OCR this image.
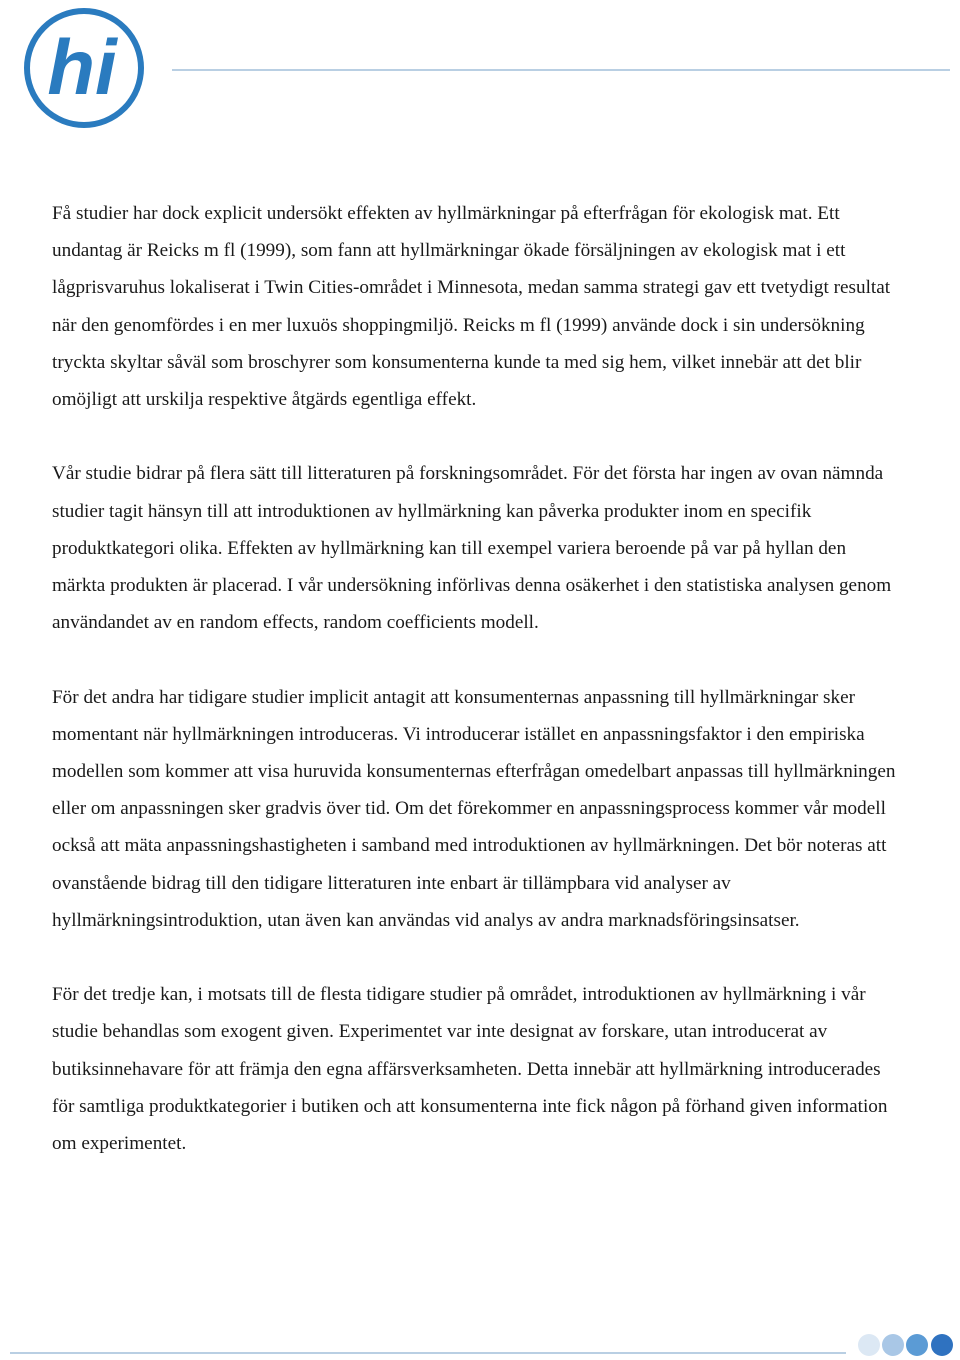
hi

Få studier har dock explicit undersökt effekten av hyllmärkningar på efterfrågan för ekologisk mat. Ett undantag är Reicks m fl (1999), som fann att hyllmärkningar ökade försäljningen av ekologisk mat i ett lågprisvaruhus lokaliserat i Twin Cities-området i Minnesota, medan samma strategi gav ett tvetydigt resultat när den genomfördes i en mer luxuös shoppingmiljö. Reicks m fl (1999) använde dock i sin undersökning tryckta skyltar såväl som broschyrer som konsumenterna kunde ta med sig hem, vilket innebär att det blir omöjligt att urskilja respektive åtgärds egentliga effekt.

Vår studie bidrar på flera sätt till litteraturen på forskningsområdet. För det första har ingen av ovan nämnda studier tagit hänsyn till att introduktionen av hyllmärkning kan påverka produkter inom en specifik produktkategori olika. Effekten av hyllmärkning kan till exempel variera beroende på var på hyllan den märkta produkten är placerad. I vår undersökning införlivas denna osäkerhet i den statistiska analysen genom användandet av en random effects, random coefficients modell.

För det andra har tidigare studier implicit antagit att konsumenternas anpassning till hyllmärkningar sker momentant när hyllmärkningen introduceras. Vi introducerar istället en anpassningsfaktor i den empiriska modellen som kommer att visa huruvida konsumenternas efterfrågan omedelbart anpassas till hyllmärkningen eller om anpassningen sker gradvis över tid. Om det förekommer en anpassningsprocess kommer vår modell också att mäta anpassningshastigheten i samband med introduktionen av hyllmärkningen. Det bör noteras att ovanstående bidrag till den tidigare litteraturen inte enbart är tillämpbara vid analyser av hyllmärkningsintroduktion, utan även kan användas vid analys av andra marknadsföringsinsatser.

För det tredje kan, i motsats till de flesta tidigare studier på området, introduktionen av hyllmärkning i vår studie behandlas som exogent given. Experimentet var inte designat av forskare, utan introducerat av butiksinnehavare för att främja den egna affärsverksamheten. Detta innebär att hyllmärkning introducerades för samtliga produktkategorier i butiken och att konsumenterna inte fick någon på förhand given information om experimentet.
